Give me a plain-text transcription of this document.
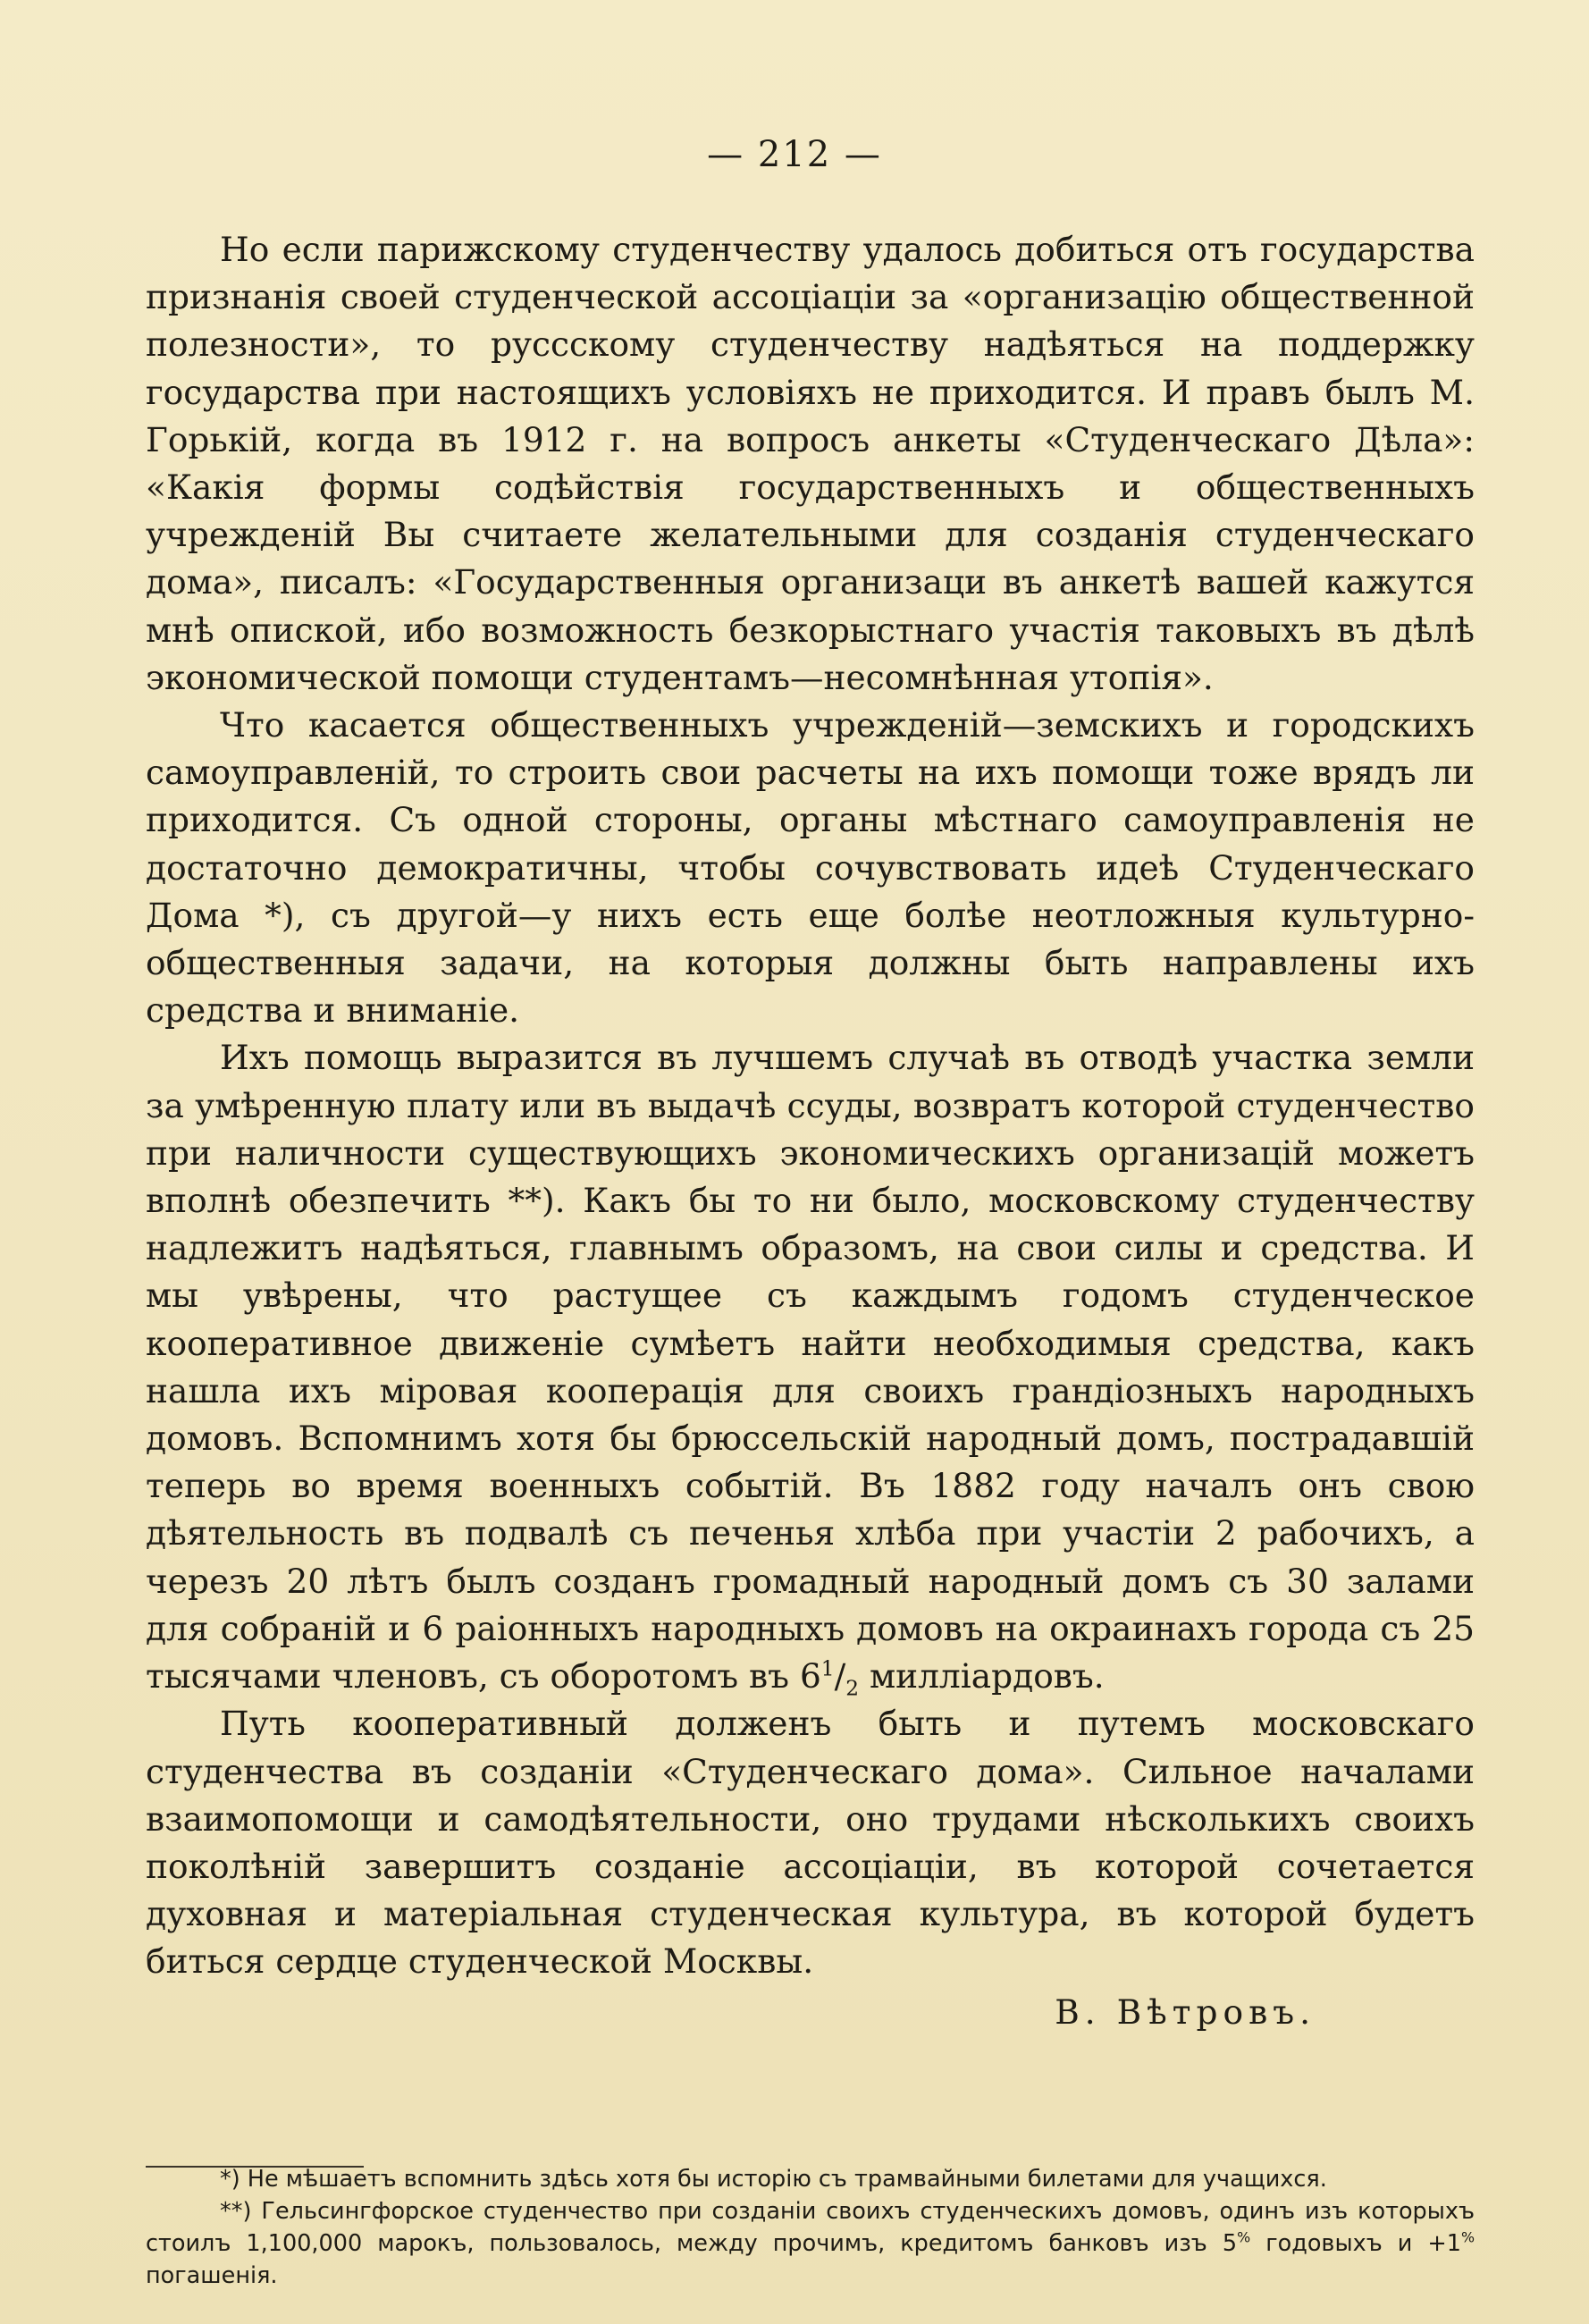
— 212 —

Но если парижскому студенчеству удалось добиться отъ государства признанія своей студенческой ассоціаціи за «организацію общественной полезности», то руссскому студенчеству надѣяться на поддержку государства при настоящихъ условіяхъ не приходится. И правъ былъ М. Горькій, когда въ 1912 г. на вопросъ анкеты «Студенческаго Дѣла»: «Какія формы содѣйствія государственныхъ и общественныхъ учрежденій Вы считаете желательными для созданія студенческаго дома», писалъ: «Государственныя организаци въ анкетѣ вашей кажутся мнѣ опиской, ибо возможность безкорыстнаго участія таковыхъ въ дѣлѣ экономической помощи студентамъ—несомнѣнная утопія».

Что касается общественныхъ учрежденій—земскихъ и городскихъ самоуправленій, то строить свои расчеты на ихъ помощи тоже врядъ ли приходится. Съ одной стороны, органы мѣстнаго самоуправленія не достаточно демократичны, чтобы сочувствовать идеѣ Студенческаго Дома *), съ другой—у нихъ есть еще болѣе неотложныя культурно-общественныя задачи, на которыя должны быть направлены ихъ средства и вниманіе.

Ихъ помощь выразится въ лучшемъ случаѣ въ отводѣ участка земли за умѣренную плату или въ выдачѣ ссуды, возвратъ которой студенчество при наличности существующихъ экономическихъ организацій можетъ вполнѣ обезпечить **). Какъ бы то ни было, московскому студенчеству надлежитъ надѣяться, главнымъ образомъ, на свои силы и средства. И мы увѣрены, что растущее съ каждымъ годомъ студенческое кооперативное движеніе сумѣетъ найти необходимыя средства, какъ нашла ихъ міровая кооперація для своихъ грандіозныхъ народныхъ домовъ. Вспомнимъ хотя бы брюссельскій народный домъ, пострадавшій теперь во время военныхъ событій. Въ 1882 году началъ онъ свою дѣятельность въ подвалѣ съ печенья хлѣба при участіи 2 рабочихъ, а черезъ 20 лѣтъ былъ созданъ громадный народный домъ съ 30 залами для собраній и 6 раіонныхъ народныхъ домовъ на окраинахъ города съ 25 тысячами членовъ, съ оборотомъ въ $6^1/_2$ милліардовъ.

Путь кооперативный долженъ быть и путемъ московскаго студенчества въ созданіи «Студенческаго дома». Сильное началами взаимопомощи и самодѣятельности, оно трудами нѣсколькихъ своихъ поколѣній завершитъ созданіе ассоціаціи, въ которой сочетается духовная и матеріальная студенческая культура, въ которой будетъ биться сердце студенческой Москвы.

В. Вѣтровъ.

*) Не мѣшаетъ вспомнить здѣсь хотя бы исторію съ трамвайными билетами для учащихся.

**) Гельсингфорское студенчество при созданіи своихъ студенческихъ домовъ, одинъ изъ которыхъ стоилъ 1,100,000 марокъ, пользовалось, между прочимъ, кредитомъ банковъ изъ 5% годовыхъ и +1% погашенія.
